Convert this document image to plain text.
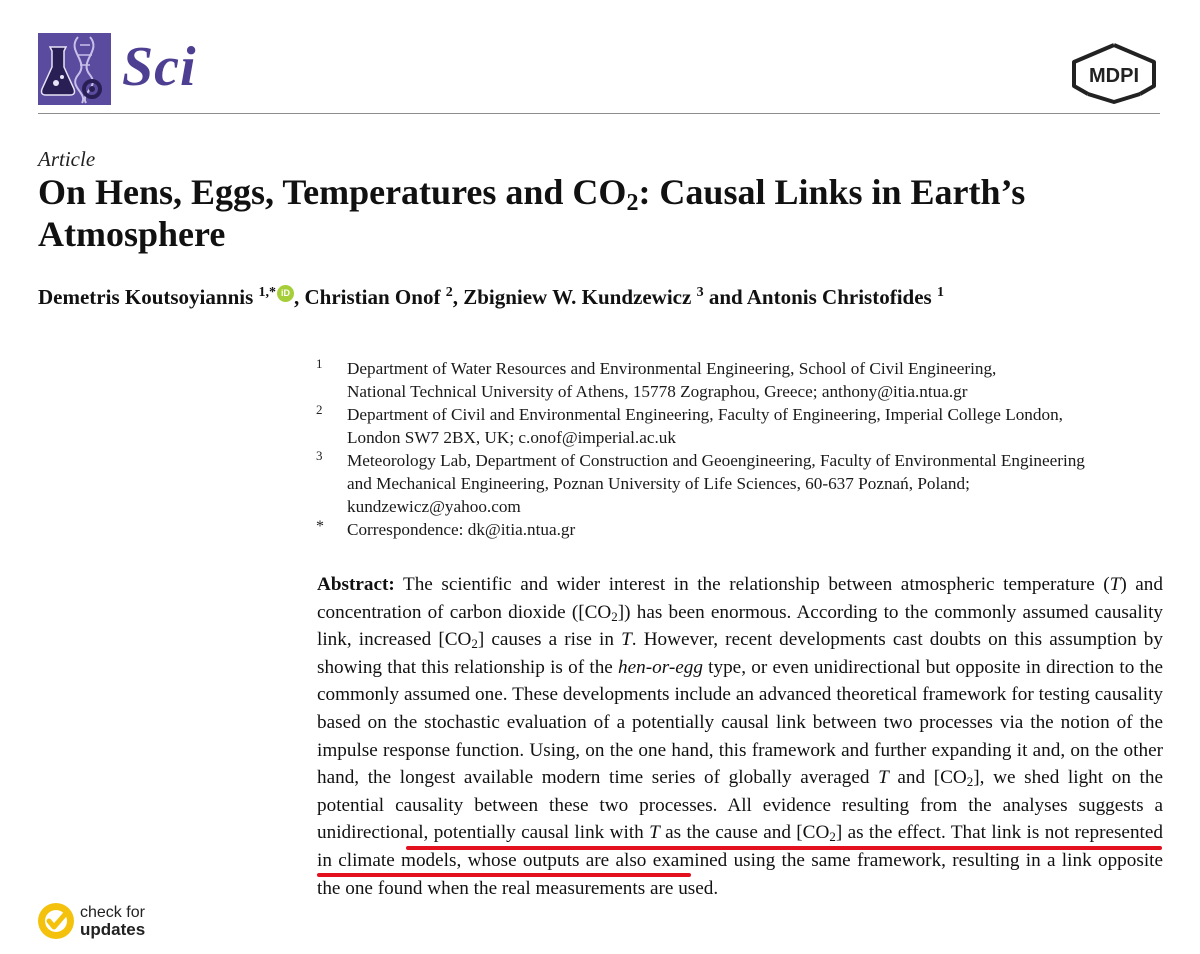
Sci	MDPI
Article
On Hens, Eggs, Temperatures and CO2: Causal Links in Earth’s Atmosphere
Demetris Koutsoyiannis $^{1,*}$ iD , Christian Onof $^2$, Zbigniew W. Kundzewicz $^3$ and Antonis Christofides $^1$
1 Department of Water Resources and Environmental Engineering, School of Civil Engineering,
National Technical University of Athens, 15778 Zographou, Greece; anthony@itia.ntua.gr
2 Department of Civil and Environmental Engineering, Faculty of Engineering, Imperial College London,
London SW7 2BX, UK; c.onof@imperial.ac.uk
3 Meteorology Lab, Department of Construction and Geoengineering, Faculty of Environmental Engineering
and Mechanical Engineering, Poznan University of Life Sciences, 60-637 Poznań, Poland;
kundzewicz@yahoo.com
* Correspondence: dk@itia.ntua.gr

Abstract: The scientific and wider interest in the relationship between atmospheric temperature (T) and concentration of carbon dioxide ([CO2]) has been enormous. According to the commonly assumed causality link, increased [CO2] causes a rise in T. However, recent developments cast doubts on this assumption by showing that this relationship is of the hen-or-egg type, or even unidirectional but opposite in direction to the commonly assumed one. These developments include an advanced theoretical framework for testing causality based on the stochastic evaluation of a potentially causal link between two processes via the notion of the impulse response function. Using, on the one hand, this framework and further expanding it and, on the other hand, the longest available modern time series of globally averaged T and [CO2], we shed light on the potential causality between these two processes. All evidence resulting from the analyses suggests a unidirectional, potentially causal link with T as the cause and [CO2] as the effect. That link is not represented in climate models, whose outputs are also examined using the same framework, resulting in a link opposite the one found when the real measurements are used.

check for
updates
